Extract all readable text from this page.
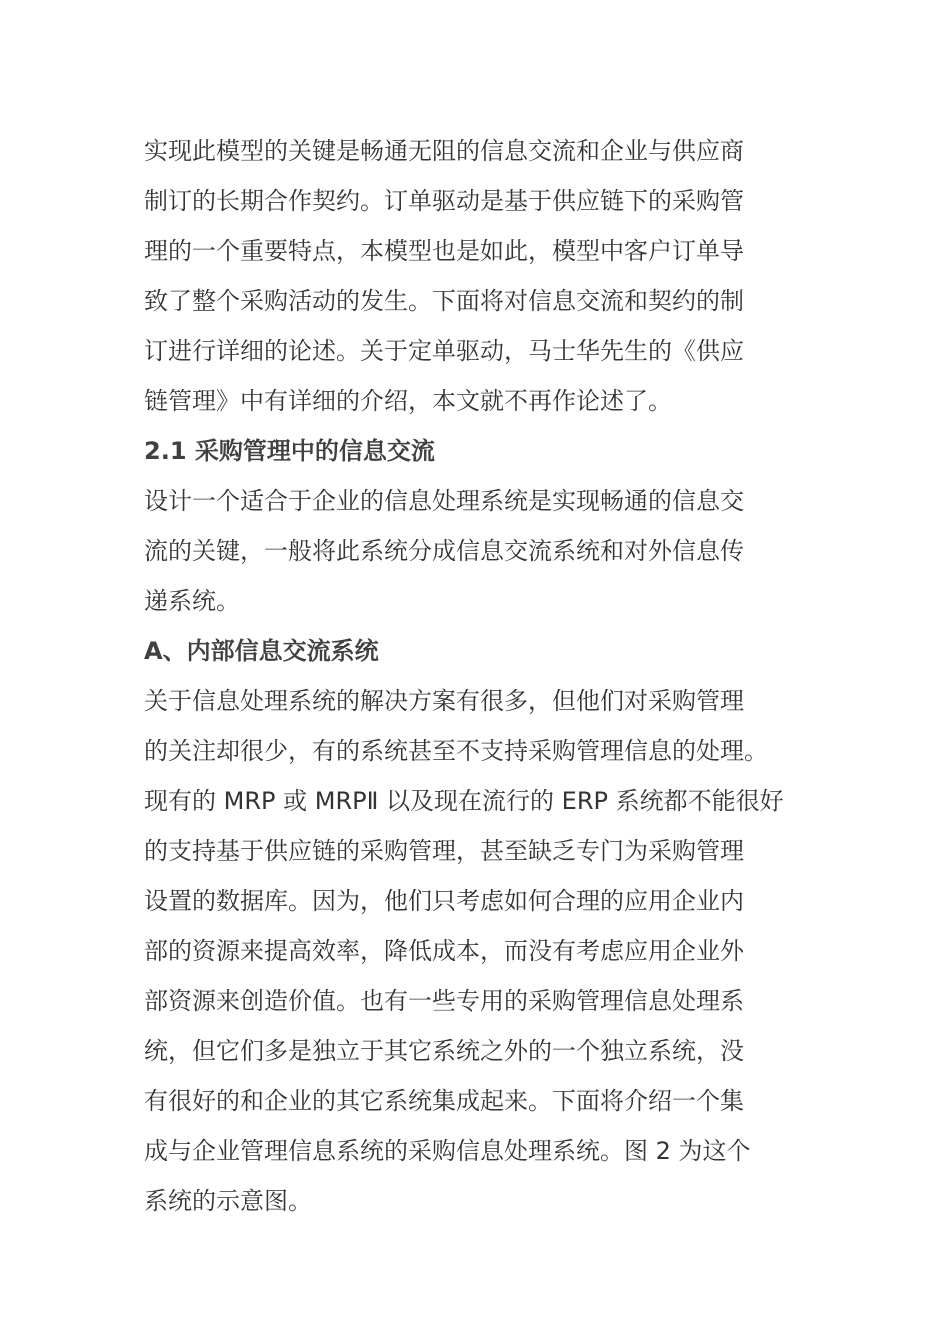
实现此模型的关键是畅通无阻的信息交流和企业与供应商
制订的长期合作契约。订单驱动是基于供应链下的采购管
理的一个重要特点，本模型也是如此，模型中客户订单导
致了整个采购活动的发生。下面将对信息交流和契约的制
订进行详细的论述。关于定单驱动，马士华先生的《供应
链管理》中有详细的介绍，本文就不再作论述了。
2.1 采购管理中的信息交流
设计一个适合于企业的信息处理系统是实现畅通的信息交
流的关键，一般将此系统分成信息交流系统和对外信息传
递系统。
A、内部信息交流系统
关于信息处理系统的解决方案有很多，但他们对采购管理
的关注却很少，有的系统甚至不支持采购管理信息的处理。
现有的 MRP 或 MRPⅡ 以及现在流行的 ERP 系统都不能很好
的支持基于供应链的采购管理，甚至缺乏专门为采购管理
设置的数据库。因为，他们只考虑如何合理的应用企业内
部的资源来提高效率，降低成本，而没有考虑应用企业外
部资源来创造价值。也有一些专用的采购管理信息处理系
统，但它们多是独立于其它系统之外的一个独立系统，没
有很好的和企业的其它系统集成起来。下面将介绍一个集
成与企业管理信息系统的采购信息处理系统。图 2 为这个
系统的示意图。
